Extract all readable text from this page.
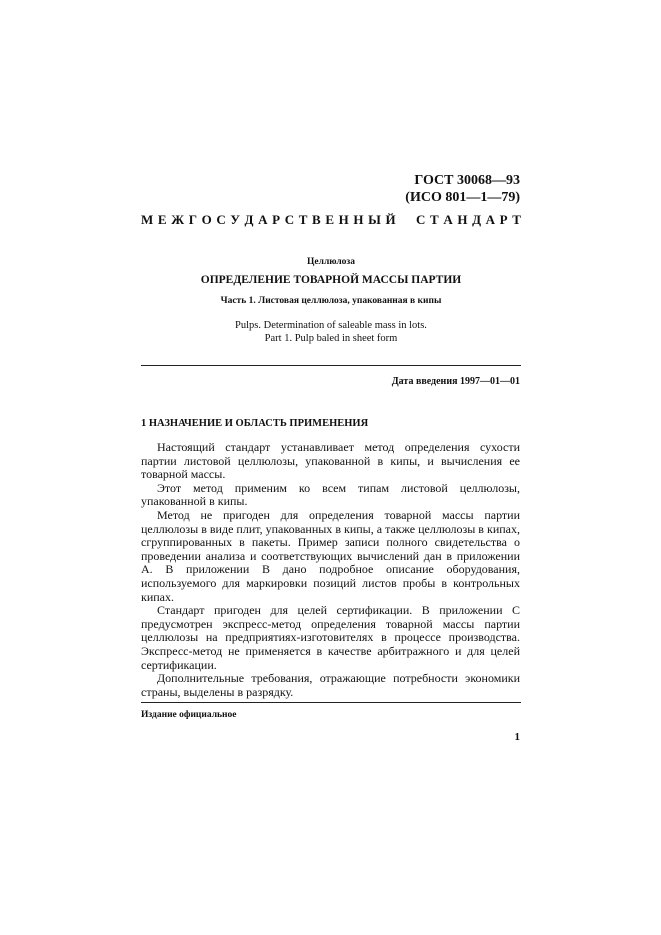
ГОСТ 30068—93
(ИСО 801—1—79)
М Е Ж Г О С У Д А Р С Т В Е Н Н Ы Й

С Т А Н Д А Р Т
Целлюлоза
ОПРЕДЕЛЕНИЕ ТОВАРНОЙ МАССЫ ПАРТИИ
Часть 1. Листовая целлюлоза, упакованная в кипы
Pulps. Determination of saleable mass in lots.
Part 1. Pulp baled in sheet form
Дата введения 1997—01—01
1 НАЗНАЧЕНИЕ И ОБЛАСТЬ ПРИМЕНЕНИЯ

Настоящий стандарт устанавливает метод определения сухости партии листовой целлюлозы, упакованной в кипы, и вычисления ее товарной массы.

Этот метод применим ко всем типам листовой целлюлозы, упакованной в кипы.

Метод не пригоден для определения товарной массы партии целлюлозы в виде плит, упакованных в кипы, а также целлюлозы в кипах, сгруппированных в пакеты. Пример записи полного свидетельства о проведении анализа и соответствующих вычислений дан в приложении А. В приложении В дано подробное описание оборудования, используемого для маркировки позиций листов пробы в контрольных кипах.

Стандарт пригоден для целей сертификации. В приложении С предусмотрен экспресс-метод определения товарной массы партии целлюлозы на предприятиях-изготовителях в процессе производства. Экспресс-метод не применяется в качестве арбитражного и для целей сертификации.

Дополнительные требования, отражающие потребности экономики страны, выделены в разрядку.

Издание официальное
1
